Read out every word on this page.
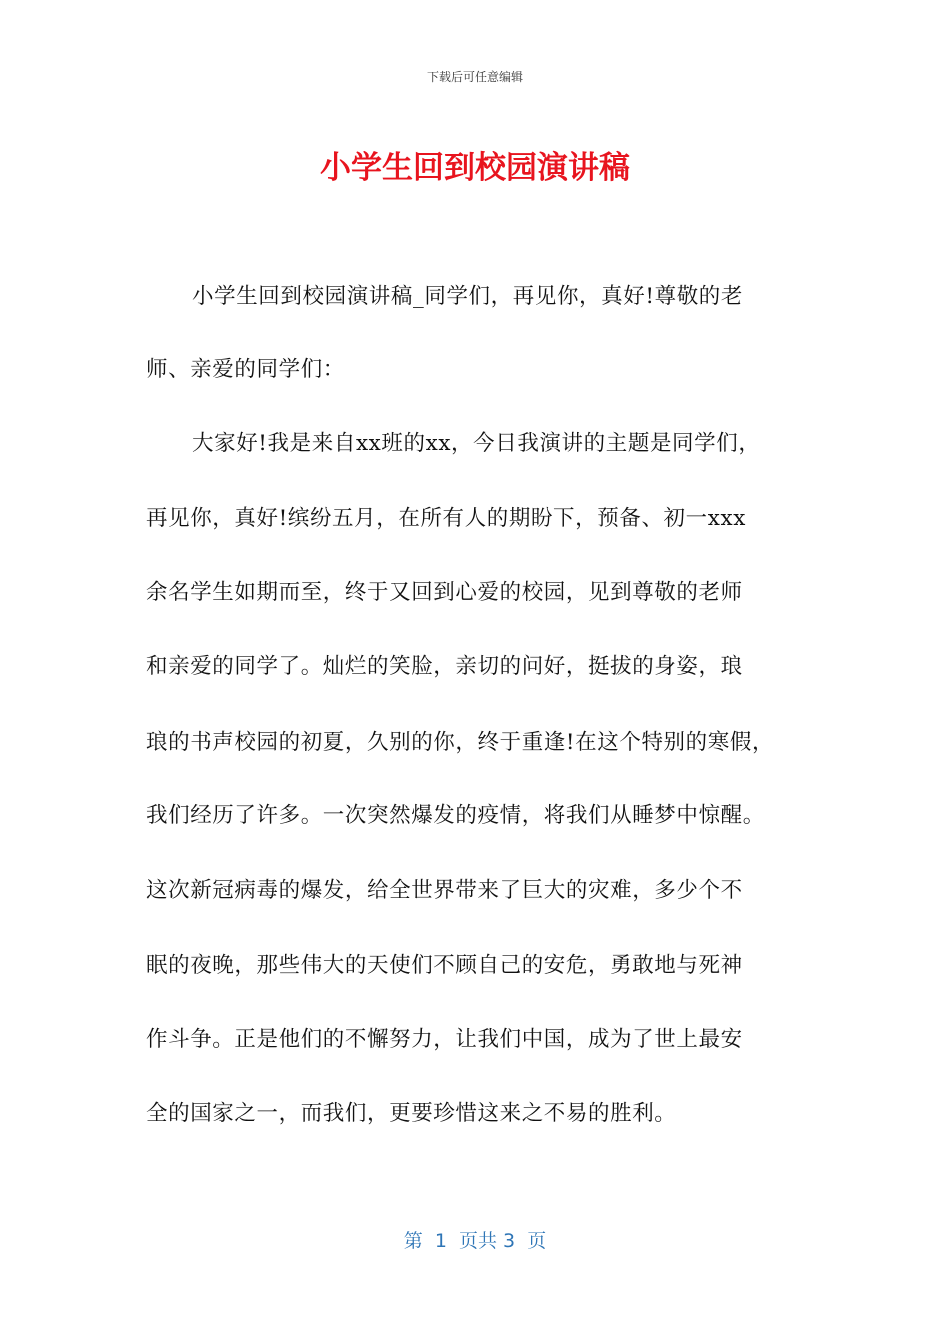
下载后可任意编辑
小学生回到校园演讲稿
小学生回到校园演讲稿_同学们，再见你，真好!尊敬的老
师、亲爱的同学们：
大家好!我是来自xx班的xx，今日我演讲的主题是同学们，
再见你，真好!缤纷五月，在所有人的期盼下，预备、初一xxx
余名学生如期而至，终于又回到心爱的校园，见到尊敬的老师
和亲爱的同学了。灿烂的笑脸，亲切的问好，挺拔的身姿，琅
琅的书声校园的初夏，久别的你，终于重逢!在这个特别的寒假，
我们经历了许多。一次突然爆发的疫情，将我们从睡梦中惊醒。
这次新冠病毒的爆发，给全世界带来了巨大的灾难，多少个不
眠的夜晚，那些伟大的天使们不顾自己的安危，勇敢地与死神
作斗争。正是他们的不懈努力，让我们中国，成为了世上最安
全的国家之一，而我们，更要珍惜这来之不易的胜利。
第  1  页共 3  页
